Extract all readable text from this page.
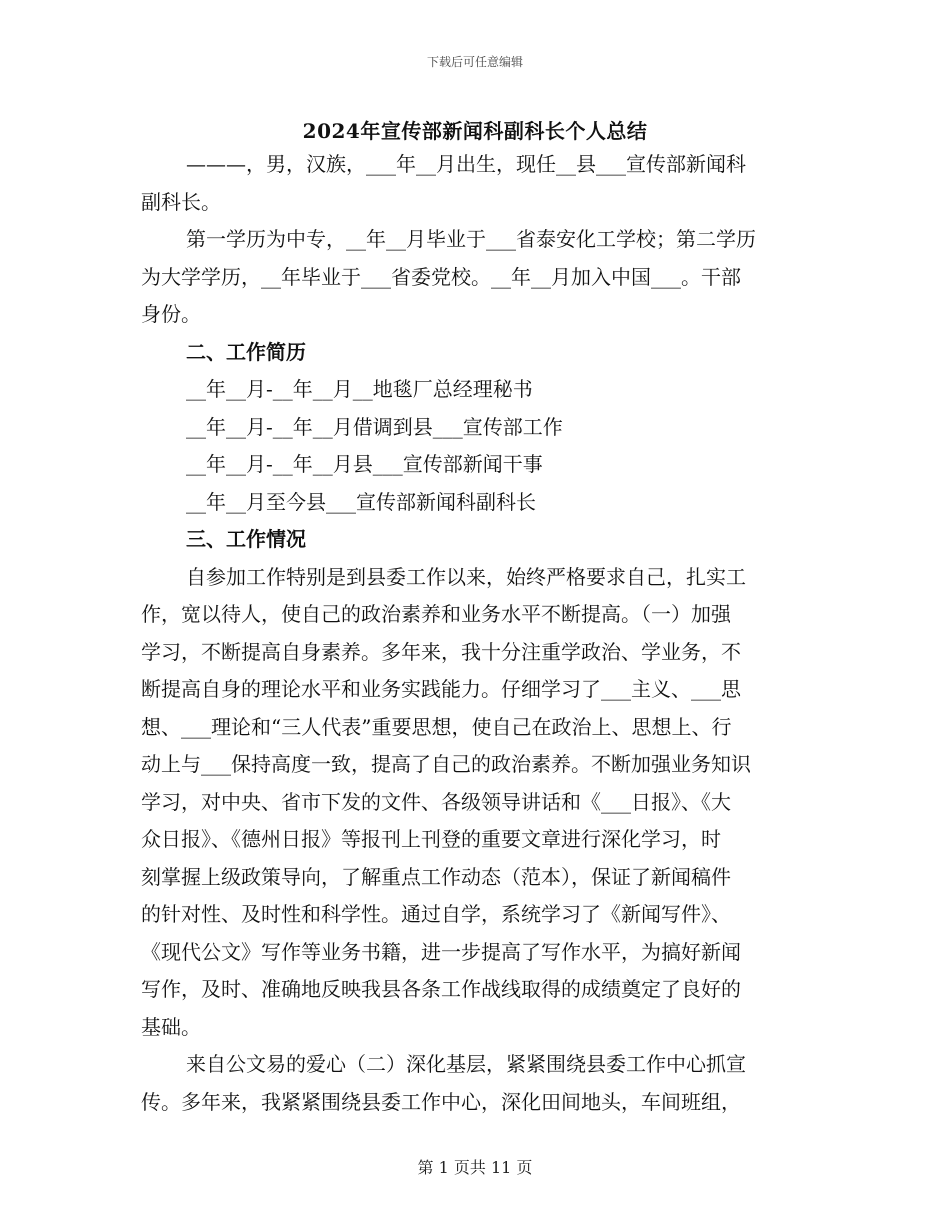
下载后可任意编辑
2024年宣传部新闻科副科长个人总结
———，男，汉族，___年__月出生，现任__县___宣传部新闻科
副科长。
第一学历为中专，__年__月毕业于___省泰安化工学校；第二学历
为大学学历，__年毕业于___省委党校。__年__月加入中国___。干部
身份。
二、工作简历
__年__月-__年__月__地毯厂总经理秘书
__年__月-__年__月借调到县___宣传部工作
__年__月-__年__月县___宣传部新闻干事
__年__月至今县___宣传部新闻科副科长
三、工作情况
自参加工作特别是到县委工作以来，始终严格要求自己，扎实工
作，宽以待人，使自己的政治素养和业务水平不断提高。（一）加强
学习，不断提高自身素养。多年来，我十分注重学政治、学业务，不
断提高自身的理论水平和业务实践能力。仔细学习了___主义、___思
想、___理论和“三人代表”重要思想，使自己在政治上、思想上、行
动上与___保持高度一致，提高了自己的政治素养。不断加强业务知识
学习，对中央、省市下发的文件、各级领导讲话和《___日报》、《大
众日报》、《德州日报》等报刊上刊登的重要文章进行深化学习，时
刻掌握上级政策导向，了解重点工作动态（范本），保证了新闻稿件
的针对性、及时性和科学性。通过自学，系统学习了《新闻写件》、
《现代公文》写作等业务书籍，进一步提高了写作水平，为搞好新闻
写作，及时、准确地反映我县各条工作战线取得的成绩奠定了良好的
基础。
来自公文易的爱心（二）深化基层，紧紧围绕县委工作中心抓宣
传。多年来，我紧紧围绕县委工作中心，深化田间地头，车间班组，
第 1 页共 11 页
